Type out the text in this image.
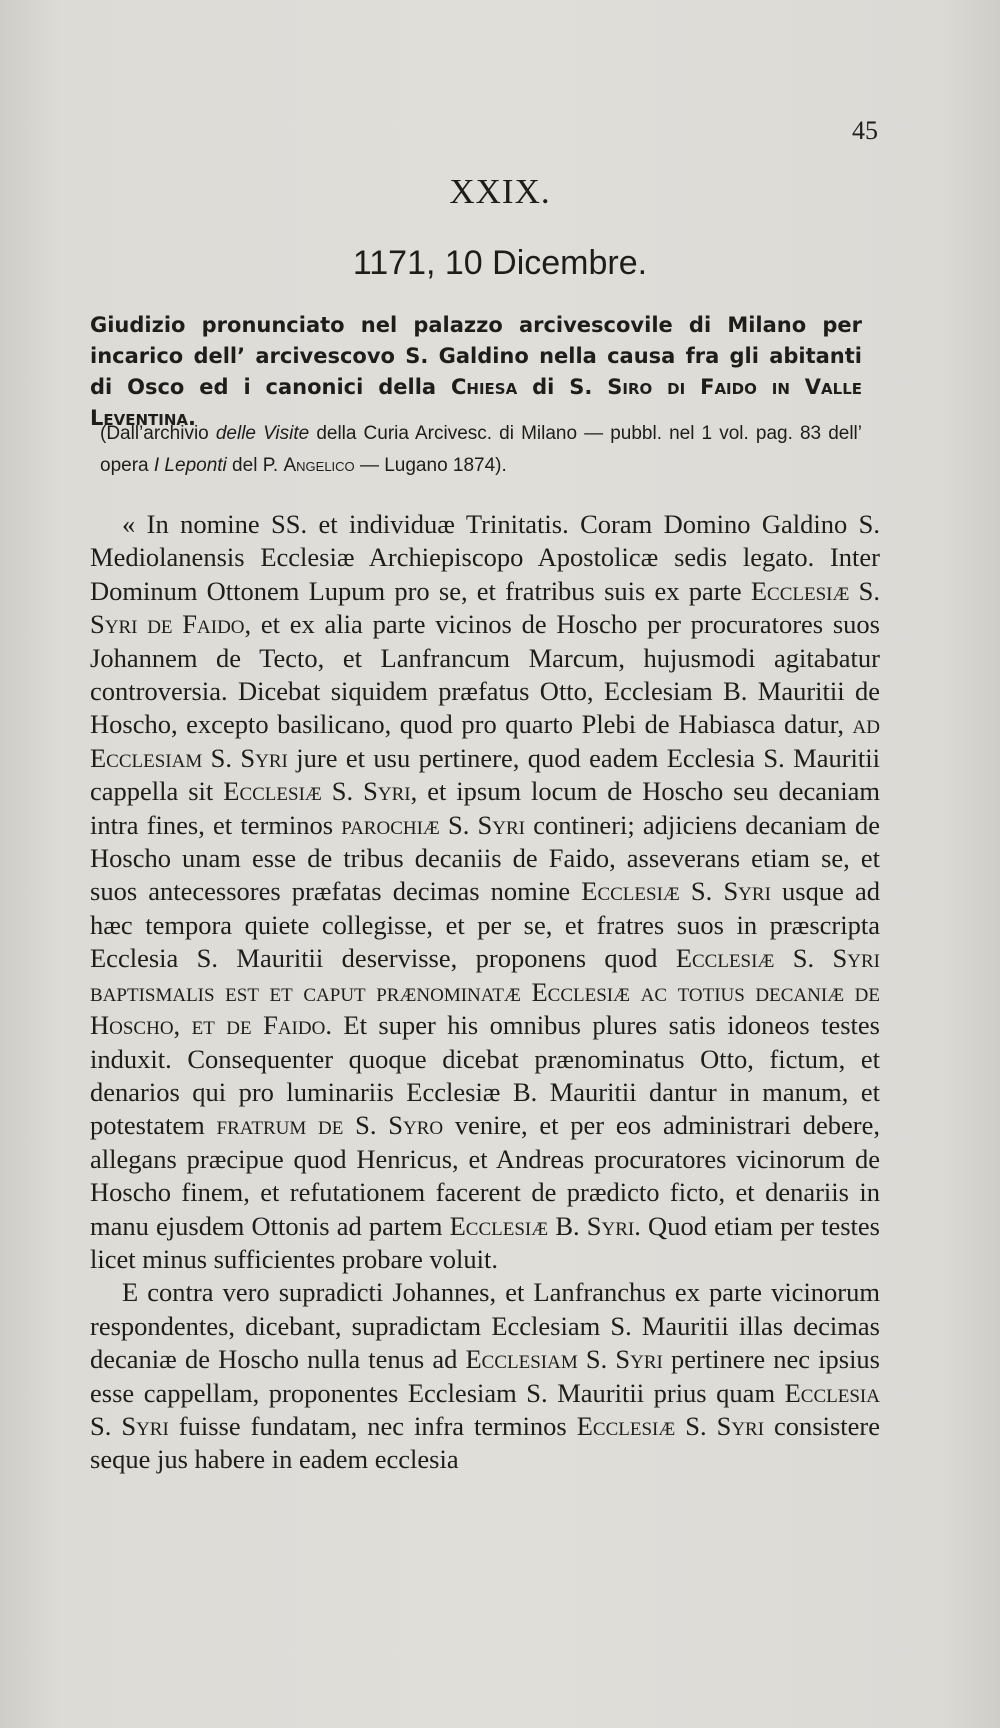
45
XXIX.
1171, 10 Dicembre.
Giudizio pronunciato nel palazzo arcivescovile di Milano per incarico dell’ arcivescovo S. Galdino nella causa fra gli abitanti di Osco ed i canonici della Chiesa di S. Siro di Faido in Valle Leventina.
(Dall’archivio delle Visite della Curia Arcivesc. di Milano — pubbl. nel 1 vol. pag. 83 dell’ opera I Leponti del P. Angelico — Lugano 1874).

« In nomine SS. et individuæ Trinitatis. Coram Domino Galdino S. Mediolanensis Ecclesiæ Archiepiscopo Apostolicæ sedis legato. Inter Dominum Ottonem Lupum pro se, et fratribus suis ex parte Ecclesiæ S. Syri de Faido, et ex alia parte vicinos de Hoscho per procuratores suos Johannem de Tecto, et Lanfrancum Marcum, hujusmodi agitabatur controversia. Dicebat siquidem præfatus Otto, Ecclesiam B. Mauritii de Hoscho, excepto basilicano, quod pro quarto Plebi de Habiasca datur, ad Ecclesiam S. Syri jure et usu pertinere, quod eadem Ecclesia S. Mauritii cappella sit Ecclesiæ S. Syri, et ipsum locum de Hoscho seu decaniam intra fines, et terminos parochiæ S. Syri contineri; adjiciens decaniam de Hoscho unam esse de tribus decaniis de Faido, asseverans etiam se, et suos antecessores præfatas decimas nomine Ecclesiæ S. Syri usque ad hæc tempora quiete collegisse, et per se, et fratres suos in præscripta Ecclesia S. Mauritii deservisse, proponens quod Ecclesiæ S. Syri baptismalis est et caput prænominatæ Ecclesiæ ac totius decaniæ de Hoscho, et de Faido. Et super his omnibus plures satis idoneos testes induxit. Consequenter quoque dicebat prænominatus Otto, fictum, et denarios qui pro luminariis Ecclesiæ B. Mauritii dantur in manum, et potestatem fratrum de S. Syro venire, et per eos administrari debere, allegans præcipue quod Henricus, et Andreas procuratores vicinorum de Hoscho finem, et refutationem facerent de prædicto ficto, et denariis in manu ejusdem Ottonis ad partem Ecclesiæ B. Syri. Quod etiam per testes licet minus sufficientes probare voluit.

E contra vero supradicti Johannes, et Lanfranchus ex parte vicinorum respondentes, dicebant, supradictam Ecclesiam S. Mauritii illas decimas decaniæ de Hoscho nulla tenus ad Ecclesiam S. Syri pertinere nec ipsius esse cappellam, proponentes Ecclesiam S. Mauritii prius quam Ecclesia S. Syri fuisse fundatam, nec infra terminos Ecclesiæ S. Syri consistere seque jus habere in eadem ecclesia
